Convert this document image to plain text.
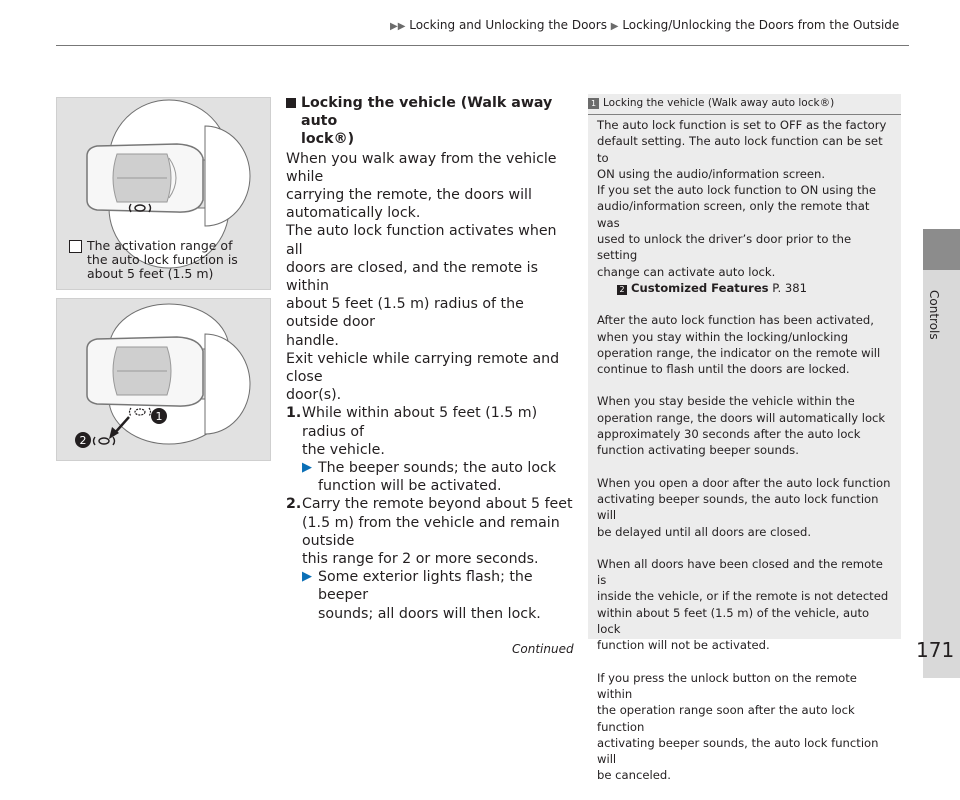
▶▶ Locking and Unlocking the Doors ▶ Locking/Unlocking the Doors from the Outside
Controls
The activation range of
the auto lock function is
about 5 feet (1.5 m)
1
2
Locking the vehicle (Walk away auto
lock®)
When you walk away from the vehicle while
carrying the remote, the doors will
automatically lock.
The auto lock function activates when all
doors are closed, and the remote is within
about 5 feet (1.5 m) radius of the outside door
handle.
Exit vehicle while carrying remote and close
door(s).
1. While within about 5 feet (1.5 m) radius of
the vehicle.
▶ The beeper sounds; the auto lock
function will be activated.
2. Carry the remote beyond about 5 feet
(1.5 m) from the vehicle and remain outside
this range for 2 or more seconds.
▶ Some exterior lights flash; the beeper
sounds; all doors will then lock.
1 Locking the vehicle (Walk away auto lock®)

The auto lock function is set to OFF as the factory
default setting. The auto lock function can be set to
ON using the audio/information screen.
If you set the auto lock function to ON using the
audio/information screen, only the remote that was
used to unlock the driver’s door prior to the setting
change can activate auto lock.
2 Customized Features P. 381

After the auto lock function has been activated,
when you stay within the locking/unlocking
operation range, the indicator on the remote will
continue to flash until the doors are locked.

When you stay beside the vehicle within the
operation range, the doors will automatically lock
approximately 30 seconds after the auto lock
function activating beeper sounds.

When you open a door after the auto lock function
activating beeper sounds, the auto lock function will
be delayed until all doors are closed.

When all doors have been closed and the remote is
inside the vehicle, or if the remote is not detected
within about 5 feet (1.5 m) of the vehicle, auto lock
function will not be activated.

If you press the unlock button on the remote within
the operation range soon after the auto lock function
activating beeper sounds, the auto lock function will
be canceled.

Continued	171
